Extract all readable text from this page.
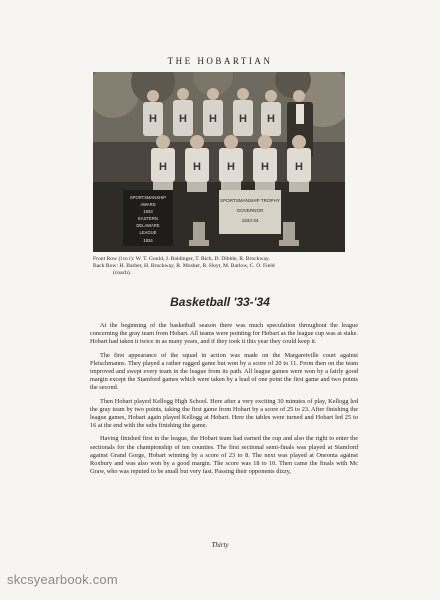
THE HOBARTIAN
H H H H H
H H H H H
SPORTSMANSHIP
AWARD
1933
EASTERN
DELAWARE
LEAGUE
1934
SPORTSMANSHIP TROPHY
GOVERNOR
1933-34
Front Row (l to r): W. T. Gould, J. Baldinger, T. Rich, D. Dibble, R. Brockway.
Back Row: H. Barber, H. Brockway, R. Mosher, R. Hoyt, M. Barlow, C. O. Field
(coach).
Basketball '33-'34

At the beginning of the basketball season there was much speculation throughout the league concerning the gray team from Hobart. All teams were pointing for Hobart as the league cup was at stake. Hobart had taken it twice in as many years, and if they took it this year they could keep it.

The first appearance of the squad in action was made on the Margaretville court against Fleischmanns. They played a rather ragged game but won by a score of 20 to 11. From then on the team improved and swept every team in the league from its path. All league games were won by a fairly good margin except the Stamford games which were taken by a lead of one point the first game and two points the second.

Then Hobart played Kellogg High School. Here after a very exciting 30 minutes of play, Kellogg led the gray team by two points, taking the first game from Hobart by a score of 25 to 23. After finishing the league games, Hobart again played Kellogg at Hobart. Here the tables were turned and Hobart led 25 to 16 at the end with the subs finishing the game.

Having finished first in the league, the Hobart team had earned the cup and also the right to enter the sectionals for the championship of ten counties. The first sectional semi-finals was played at Stamford against Grand Gorge, Hobart winning by a score of 23 to 8. The next was played at Oneonta against Roxbury and was also won by a good margin. The score was 18 to 10. Then came the finals with Mc Graw, who was reputed to be small but very fast. Passing their opponents dizzy,

Thirty
skcsyearbook.com
